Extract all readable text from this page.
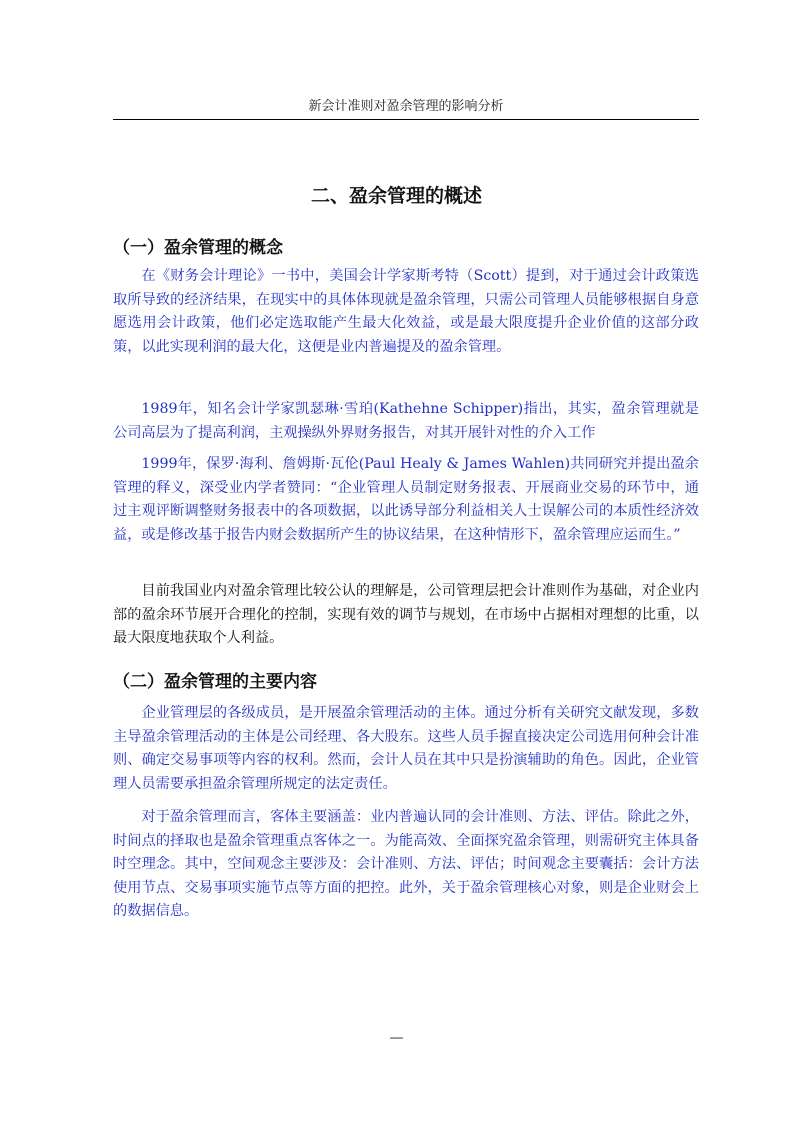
新会计准则对盈余管理的影响分析
二、盈余管理的概述
（一）盈余管理的概念

在《财务会计理论》一书中，美国会计学家斯考特（Scott）提到，对于通过会计政策选取所导致的经济结果，在现实中的具体体现就是盈余管理，只需公司管理人员能够根据自身意愿选用会计政策，他们必定选取能产生最大化效益，或是最大限度提升企业价值的这部分政策，以此实现利润的最大化，这便是业内普遍提及的盈余管理。

1989年，知名会计学家凯瑟琳·雪珀(Kathehne Schipper)指出，其实，盈余管理就是公司高层为了提高利润，主观操纵外界财务报告，对其开展针对性的介入工作

1999年，保罗·海利、詹姆斯·瓦伦(Paul Healy & James Wahlen)共同研究并提出盈余管理的释义，深受业内学者赞同：“企业管理人员制定财务报表、开展商业交易的环节中，通过主观评断调整财务报表中的各项数据，以此诱导部分利益相关人士误解公司的本质性经济效益，或是修改基于报告内财会数据所产生的协议结果，在这种情形下，盈余管理应运而生。”

目前我国业内对盈余管理比较公认的理解是，公司管理层把会计准则作为基础，对企业内部的盈余环节展开合理化的控制，实现有效的调节与规划，在市场中占据相对理想的比重，以最大限度地获取个人利益。

（二）盈余管理的主要内容

企业管理层的各级成员，是开展盈余管理活动的主体。通过分析有关研究文献发现，多数主导盈余管理活动的主体是公司经理、各大股东。这些人员手握直接决定公司选用何种会计准则、确定交易事项等内容的权利。然而，会计人员在其中只是扮演辅助的角色。因此，企业管理人员需要承担盈余管理所规定的法定责任。

对于盈余管理而言，客体主要涵盖：业内普遍认同的会计准则、方法、评估。除此之外，时间点的择取也是盈余管理重点客体之一。为能高效、全面探究盈余管理，则需研究主体具备时空理念。其中，空间观念主要涉及：会计准则、方法、评估；时间观念主要囊括：会计方法使用节点、交易事项实施节点等方面的把控。此外，关于盈余管理核心对象，则是企业财会上的数据信息。

—
